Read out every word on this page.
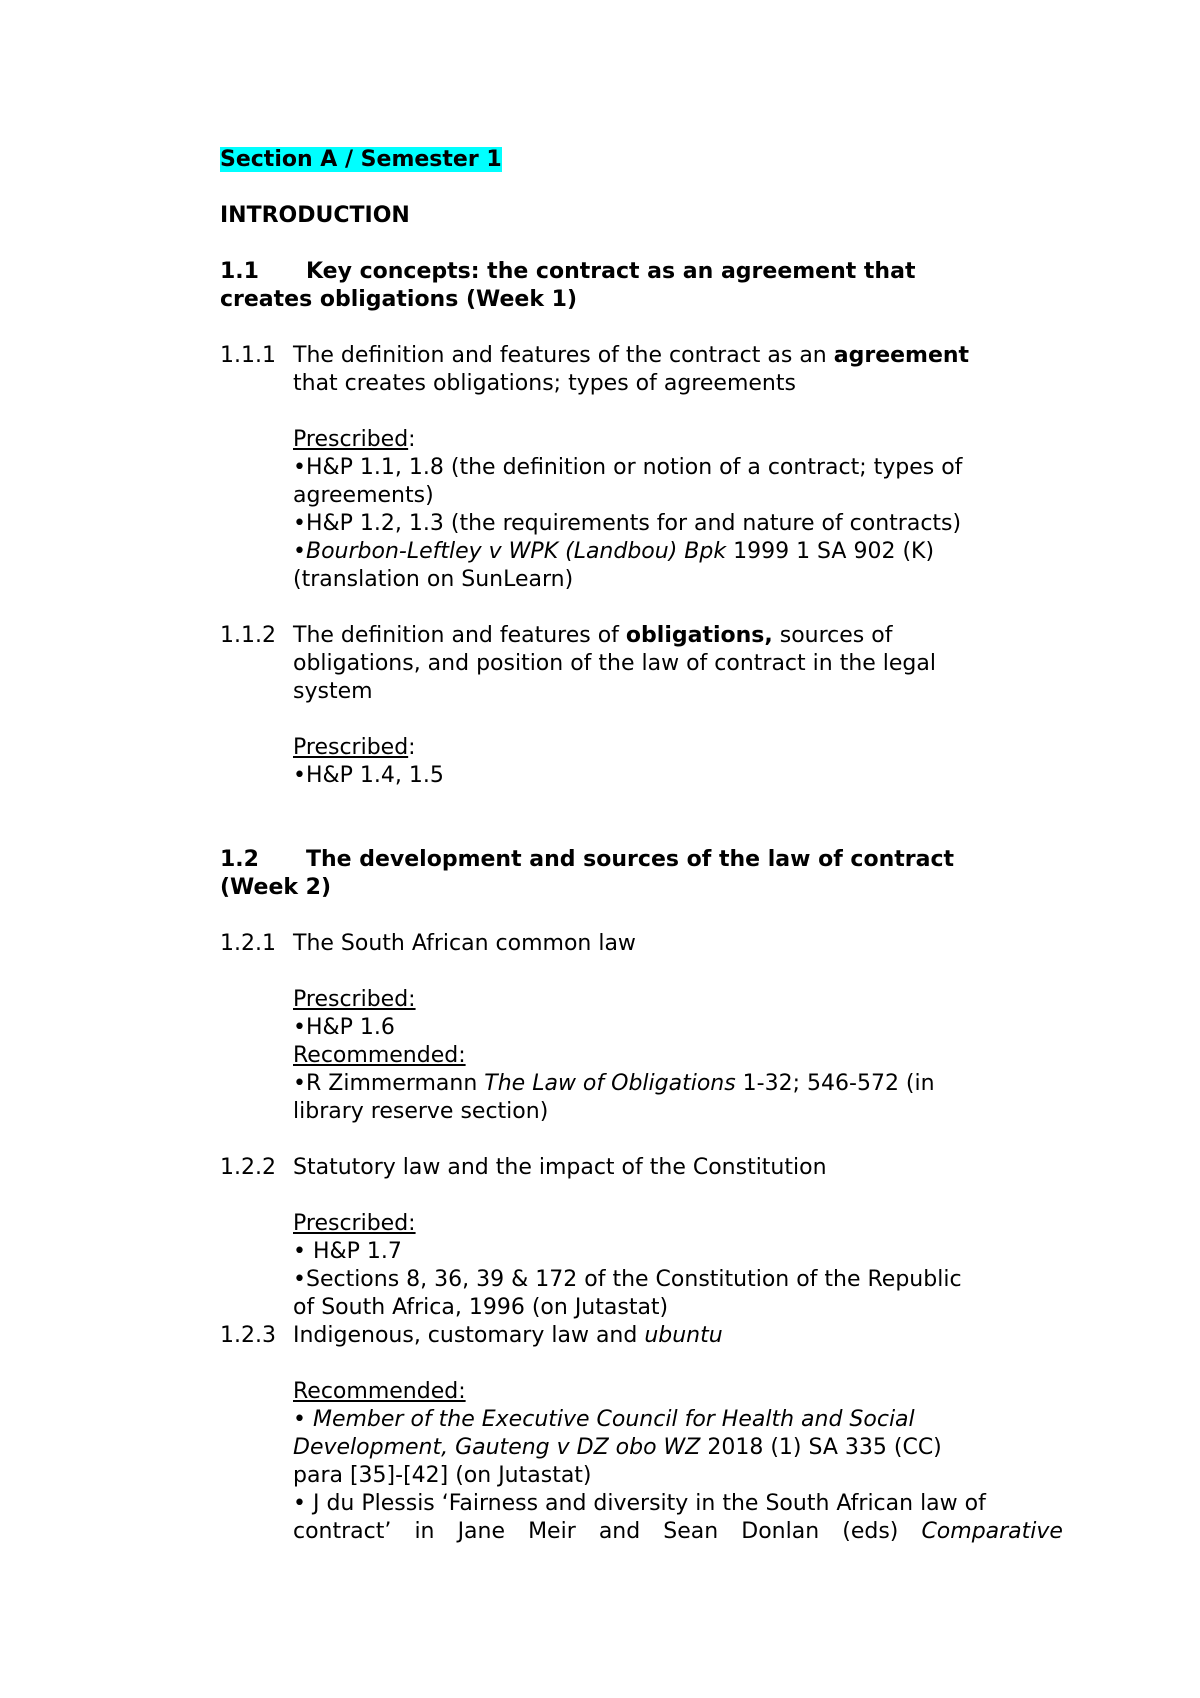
Section A / Semester 1
INTRODUCTION
1.1 Key concepts: the contract as an agreement that
creates obligations (Week 1)
1.1.1 The definition and features of the contract as an agreement
that creates obligations; types of agreements
Prescribed:
•H&P 1.1, 1.8 (the definition or notion of a contract; types of
agreements)
•H&P 1.2, 1.3 (the requirements for and nature of contracts)
•Bourbon-Leftley v WPK (Landbou) Bpk 1999 1 SA 902 (K)
(translation on SunLearn)
1.1.2 The definition and features of obligations, sources of
obligations, and position of the law of contract in the legal
system
Prescribed:
•H&P 1.4, 1.5
1.2 The development and sources of the law of contract
(Week 2)
1.2.1 The South African common law
Prescribed:
•H&P 1.6
Recommended:
•R Zimmermann The Law of Obligations 1-32; 546-572 (in
library reserve section)
1.2.2 Statutory law and the impact of the Constitution
Prescribed:
• H&P 1.7
•Sections 8, 36, 39 & 172 of the Constitution of the Republic
of South Africa, 1996 (on Jutastat)
1.2.3 Indigenous, customary law and ubuntu
Recommended:
• Member of the Executive Council for Health and Social
Development, Gauteng v DZ obo WZ 2018 (1) SA 335 (CC)
para [35]-[42] (on Jutastat)
• J du Plessis ‘Fairness and diversity in the South African law of
contract’ in Jane Meir and Sean Donlan (eds) Comparative
